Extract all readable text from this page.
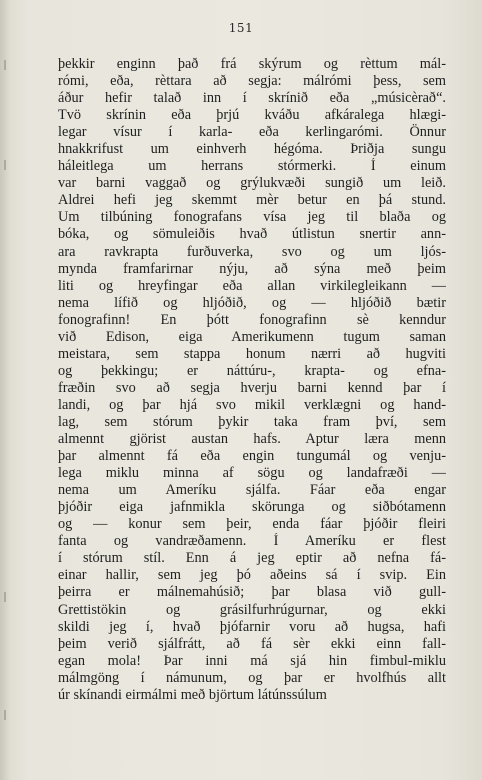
151
þekkir enginn það frá skýrum og rèttum mál-
rómi, eða, rèttara að segja: málrómi þess, sem
áður hefir talað inn í skrínið eða „músicèrað“.
Tvö skrínin eða þrjú kváðu afkáralega hlægi-
legar vísur í karla- eða kerlingarómi. Önnur
hnakkrifust um einhverh hégóma. Þriðja sungu
háleitlega um herrans stórmerki. Í einum
var barni vaggað og grýlukvæði sungið um leið.
Aldrei hefi jeg skemmt mèr betur en þá stund.
Um tilbúning fonografans vísa jeg til blaða og
bóka, og sömuleiðis hvað útlistun snertir ann-
ara ravkrapta furðuverka, svo og um ljós-
mynda framfarirnar nýju, að sýna með þeim
liti og hreyfingar eða allan virkilegleikann —
nema lífið og hljóðið, og — hljóðið bætir
fonografinn! En þótt fonografinn sè kenndur
við Edison, eiga Amerikumenn tugum saman
meistara, sem stappa honum nærri að hugviti
og þekkingu; er náttúru-, krapta- og efna-
fræðin svo að segja hverju barni kennd þar í
landi, og þar hjá svo mikil verklægni og hand-
lag, sem stórum þykir taka fram því, sem
almennt gjörist austan hafs. Aptur læra menn
þar almennt fá eða engin tungumál og venju-
lega miklu minna af sögu og landafræði —
nema um Ameríku sjálfa. Fáar eða engar
þjóðir eiga jafnmikla skörunga og siðbótamenn
og — konur sem þeir, enda fáar þjóðir fleiri
fanta og vandræðamenn. Í Ameríku er flest
í stórum stíl. Enn á jeg eptir að nefna fá-
einar hallir, sem jeg þó aðeins sá í svip. Ein
þeirra er málnemahúsið; þar blasa við gull-
Grettistökin og grásilfurhrúgurnar, og ekki
skildi jeg í, hvað þjófarnir voru að hugsa, hafi
þeim verið sjálfrátt, að fá sèr ekki einn fall-
egan mola! Þar inni má sjá hin fimbul-miklu
málmgöng í námunum, og þar er hvolfhús allt
úr skínandi eirmálmi með björtum látúnssúlum
